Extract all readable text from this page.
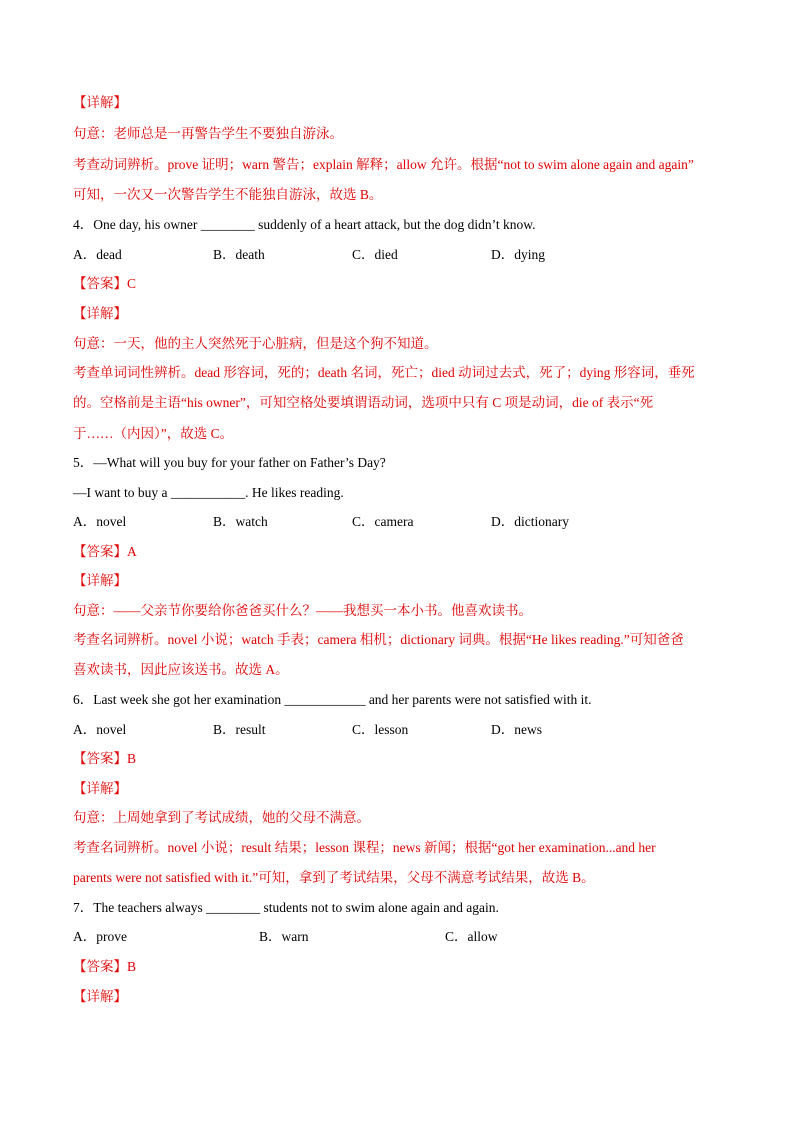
【详解】
句意：老师总是一再警告学生不要独自游泳。
考查动词辨析。prove 证明；warn 警告；explain 解释；allow 允许。根据“not to swim alone again and again”
可知，一次又一次警告学生不能独自游泳，故选 B。
4．One day, his owner ________ suddenly of a heart attack, but the dog didn’t know.
A．dead	B．death	C．died	D．dying
【答案】C
【详解】
句意：一天，他的主人突然死于心脏病，但是这个狗不知道。
考查单词词性辨析。dead 形容词，死的；death 名词，死亡；died 动词过去式，死了；dying 形容词，垂死
的。空格前是主语“his owner”，可知空格处要填谓语动词，选项中只有 C 项是动词，die of 表示“死
于……（内因）”，故选 C。
5．—What will you buy for your father on Father’s Day?
—I want to buy a ___________. He likes reading.
A．novel	B．watch	C．camera	D．dictionary
【答案】A
【详解】
句意：——父亲节你要给你爸爸买什么？——我想买一本小书。他喜欢读书。
考查名词辨析。novel 小说；watch 手表；camera 相机；dictionary 词典。根据“He likes reading.”可知爸爸
喜欢读书，因此应该送书。故选 A。
6．Last week she got her examination ____________ and her parents were not satisfied with it.
A．novel	B．result	C．lesson	D．news
【答案】B
【详解】
句意：上周她拿到了考试成绩，她的父母不满意。
考查名词辨析。novel 小说；result 结果；lesson 课程；news 新闻；根据“got her examination...and her
parents were not satisfied with it.”可知，拿到了考试结果，父母不满意考试结果，故选 B。
7．The teachers always ________ students not to swim alone again and again.
A．prove	B．warn	C．allow
【答案】B
【详解】
